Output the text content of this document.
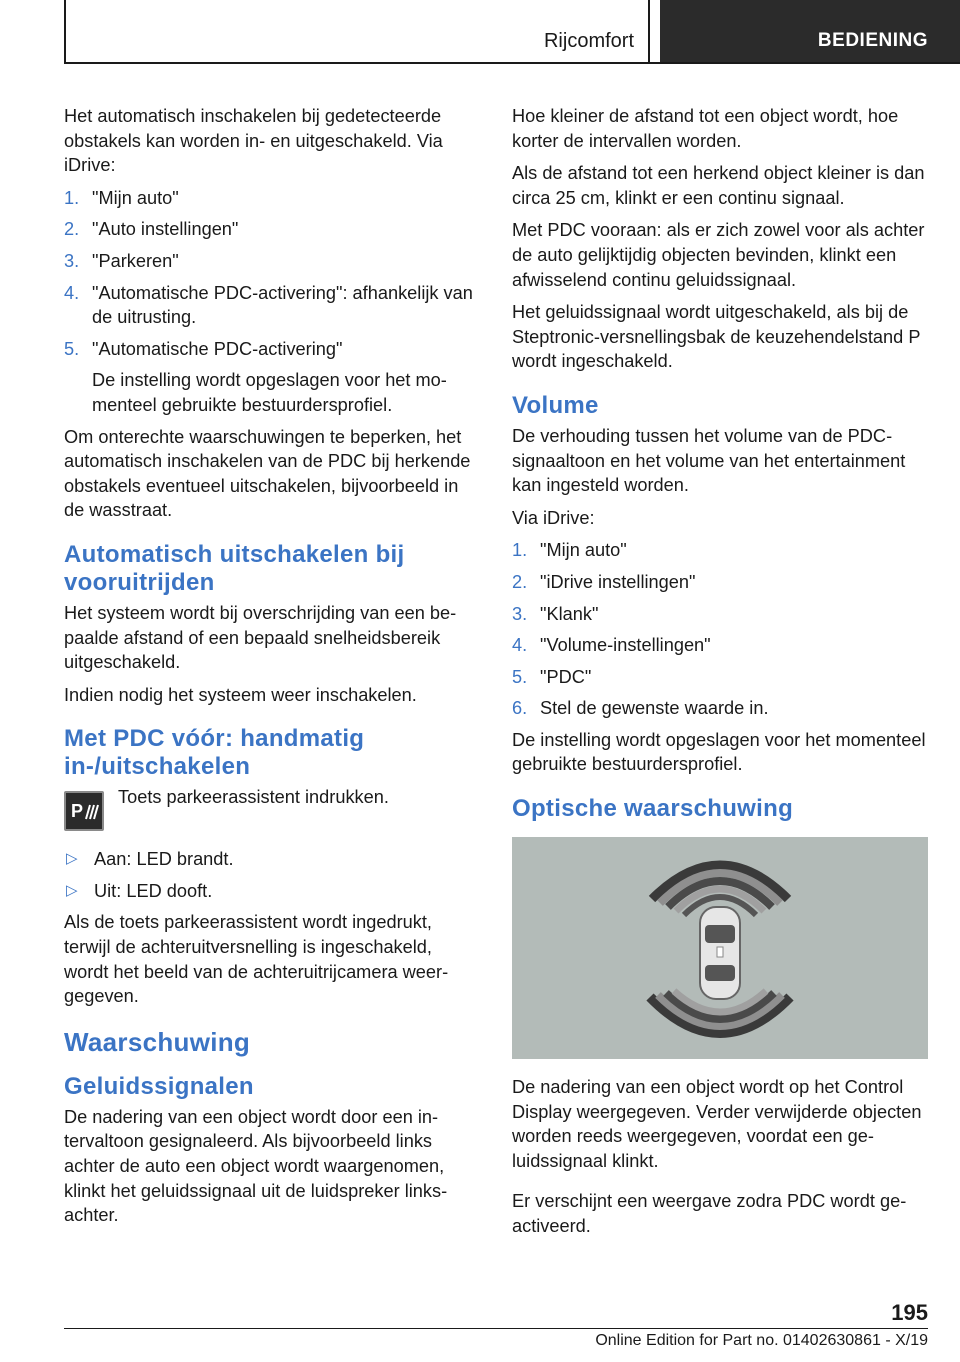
Rijcomfort	BEDIENING

Het automatisch inschakelen bij gedetecteerde obstakels kan worden in- en uitgeschakeld. Via iDrive:

1. "Mijn auto"
2. "Auto instellingen"
3. "Parkeren"
4. "Automatische PDC-activering": afhankelijk van de uitrusting.
5. "Automatische PDC-activering"
De instelling wordt opgeslagen voor het momenteel gebruikte bestuurdersprofiel.

Om onterechte waarschuwingen te beperken, het automatisch inschakelen van de PDC bij herkende obstakels eventueel uitschakelen, bijvoorbeeld in de wasstraat.

Automatisch uitschakelen bij vooruitrijden

Het systeem wordt bij overschrijding van een bepaalde afstand of een bepaald snelheidsbereik uitgeschakeld.

Indien nodig het systeem weer inschakelen.

Met PDC vóór: handmatig in-/uitschakelen
P
Toets parkeerassistent indrukken.
▷ Aan: LED brandt.
▷ Uit: LED dooft.

Als de toets parkeerassistent wordt ingedrukt, terwijl de achteruitversnelling is ingeschakeld, wordt het beeld van de achteruitrijcamera weergegeven.

Waarschuwing
Geluidssignalen

De nadering van een object wordt door een intervaltoon gesignaleerd. Als bijvoorbeeld links achter de auto een object wordt waargenomen, klinkt het geluidssignaal uit de luidspreker linksachter.

Hoe kleiner de afstand tot een object wordt, hoe korter de intervallen worden.

Als de afstand tot een herkend object kleiner is dan circa 25 cm, klinkt er een continu signaal.

Met PDC vooraan: als er zich zowel voor als achter de auto gelijktijdig objecten bevinden, klinkt een afwisselend continu geluidssignaal.

Het geluidssignaal wordt uitgeschakeld, als bij de Steptronic-versnellingsbak de keuzehendelstand P wordt ingeschakeld.

Volume

De verhouding tussen het volume van de PDC-signaaltoon en het volume van het entertainment kan ingesteld worden.

Via iDrive:

1. "Mijn auto"
2. "iDrive instellingen"
3. "Klank"
4. "Volume-instellingen"
5. "PDC"
6. Stel de gewenste waarde in.

De instelling wordt opgeslagen voor het momenteel gebruikte bestuurdersprofiel.

Optische waarschuwing

De nadering van een object wordt op het Control Display weergegeven. Verder verwijderde objecten worden reeds weergegeven, voordat een geluidssignaal klinkt.

Er verschijnt een weergave zodra PDC wordt geactiveerd.

195
Online Edition for Part no. 01402630861 - X/19
